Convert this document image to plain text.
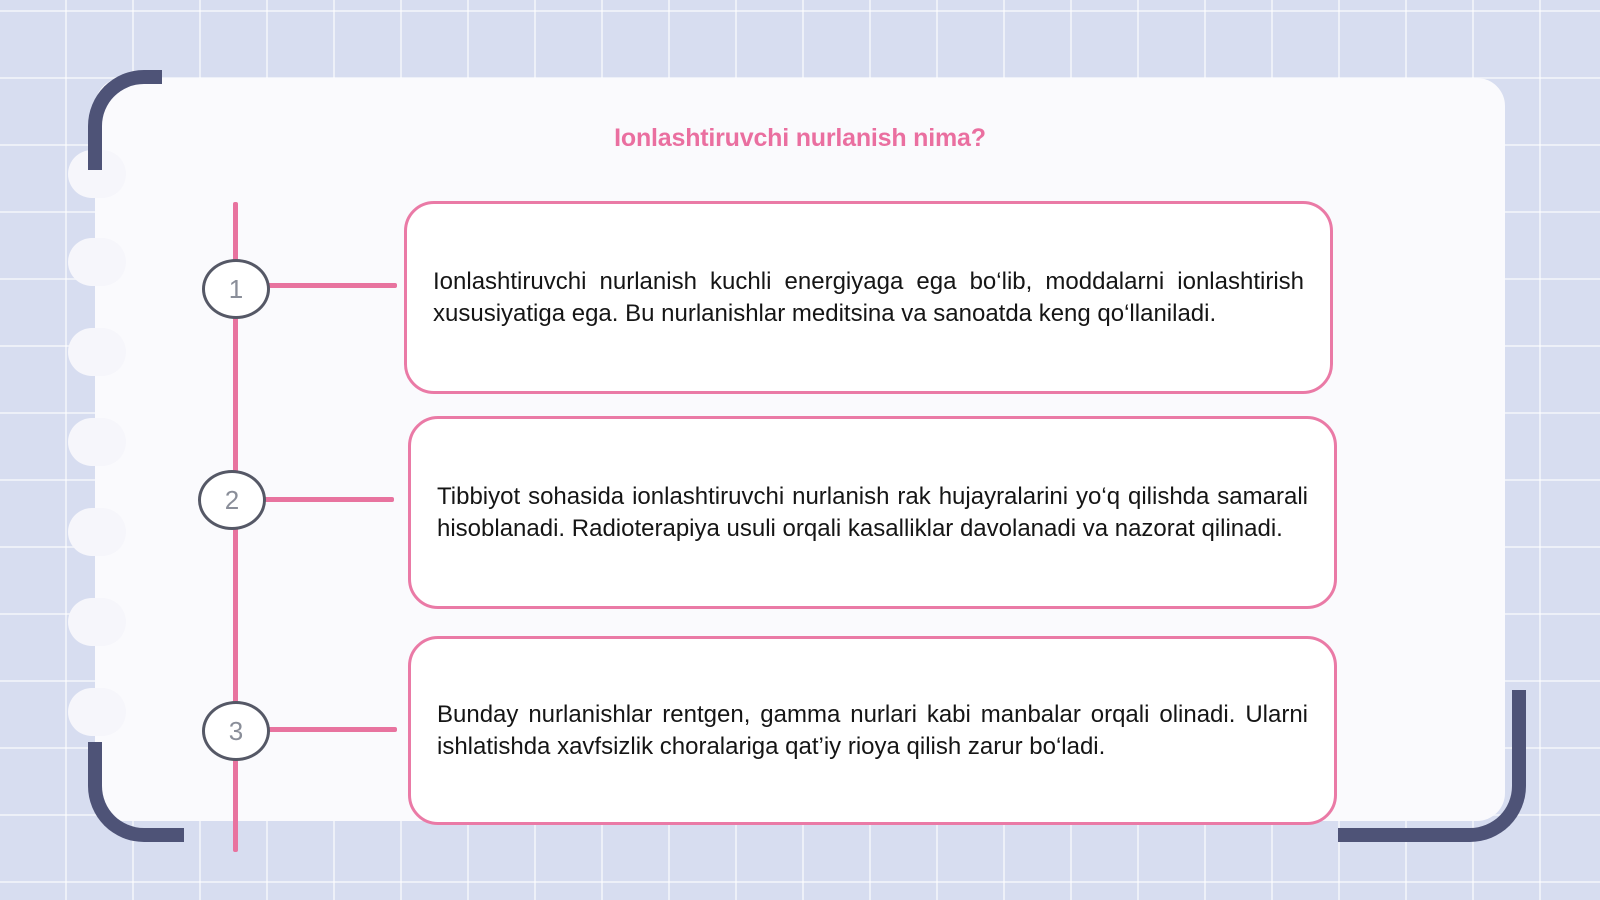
Ionlashtiruvchi nurlanish nima?
1
2
3

Ionlashtiruvchi nurlanish kuchli energiyaga ega bo‘lib, moddalarni ionlashtirish xususiyatiga ega. Bu nurlanishlar meditsina va sanoatda keng qo‘llaniladi.

Tibbiyot sohasida ionlashtiruvchi nurlanish rak hujayralarini yo‘q qilishda samarali hisoblanadi. Radioterapiya usuli orqali kasalliklar davolanadi va nazorat qilinadi.

Bunday nurlanishlar rentgen, gamma nurlari kabi manbalar orqali olinadi. Ularni ishlatishda xavfsizlik choralariga qat’iy rioya qilish zarur bo‘ladi.
